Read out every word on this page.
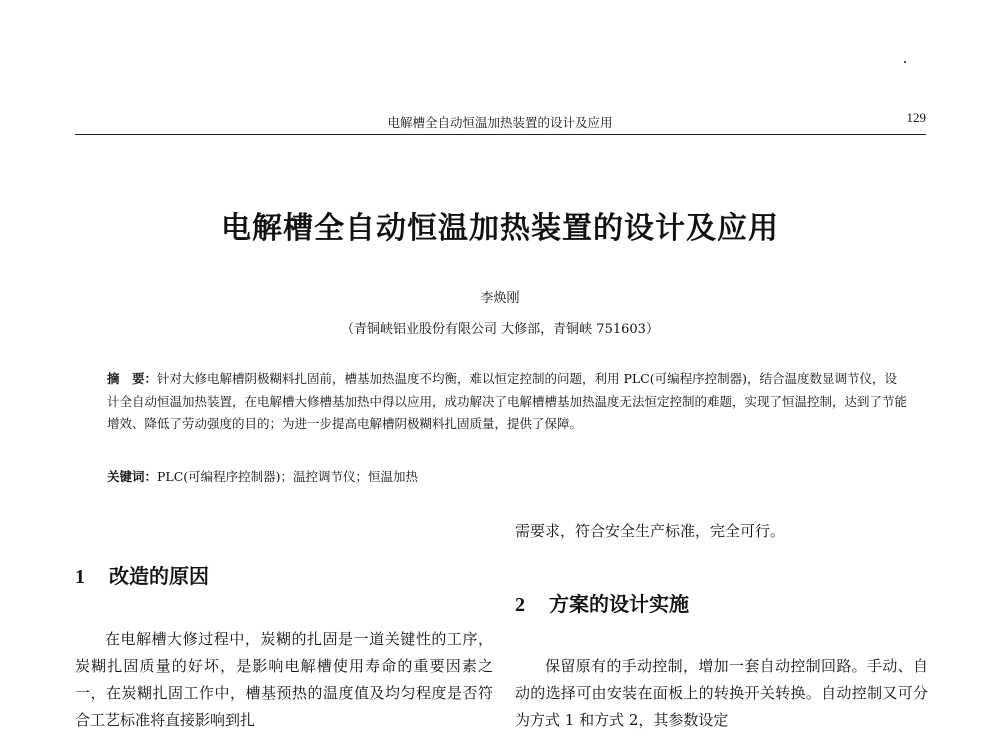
电解槽全自动恒温加热装置的设计及应用	129
电解槽全自动恒温加热装置的设计及应用
李焕刚
（青铜峡铝业股份有限公司 大修部，青铜峡 751603）
摘　要：针对大修电解槽阴极糊料扎固前，槽基加热温度不均衡，难以恒定控制的问题，利用 PLC(可编程序控制器)，结合温度数显调节仪，设计全自动恒温加热装置，在电解槽大修槽基加热中得以应用，成功解决了电解槽槽基加热温度无法恒定控制的难题，实现了恒温控制，达到了节能增效、降低了劳动强度的目的；为进一步提高电解槽阴极糊料扎固质量，提供了保障。
关键词：PLC(可编程序控制器)；温控调节仪；恒温加热
1 改造的原因
在电解槽大修过程中，炭糊的扎固是一道关键性的工序，炭糊扎固质量的好坏，是影响电解槽使用寿命的重要因素之一，在炭糊扎固工作中，槽基预热的温度值及均匀程度是否符合工艺标准将直接影响到扎
需要求，符合安全生产标准，完全可行。
2 方案的设计实施
保留原有的手动控制，增加一套自动控制回路。手动、自动的选择可由安装在面板上的转换开关转换。自动控制又可分为方式 1 和方式 2，其参数设定
